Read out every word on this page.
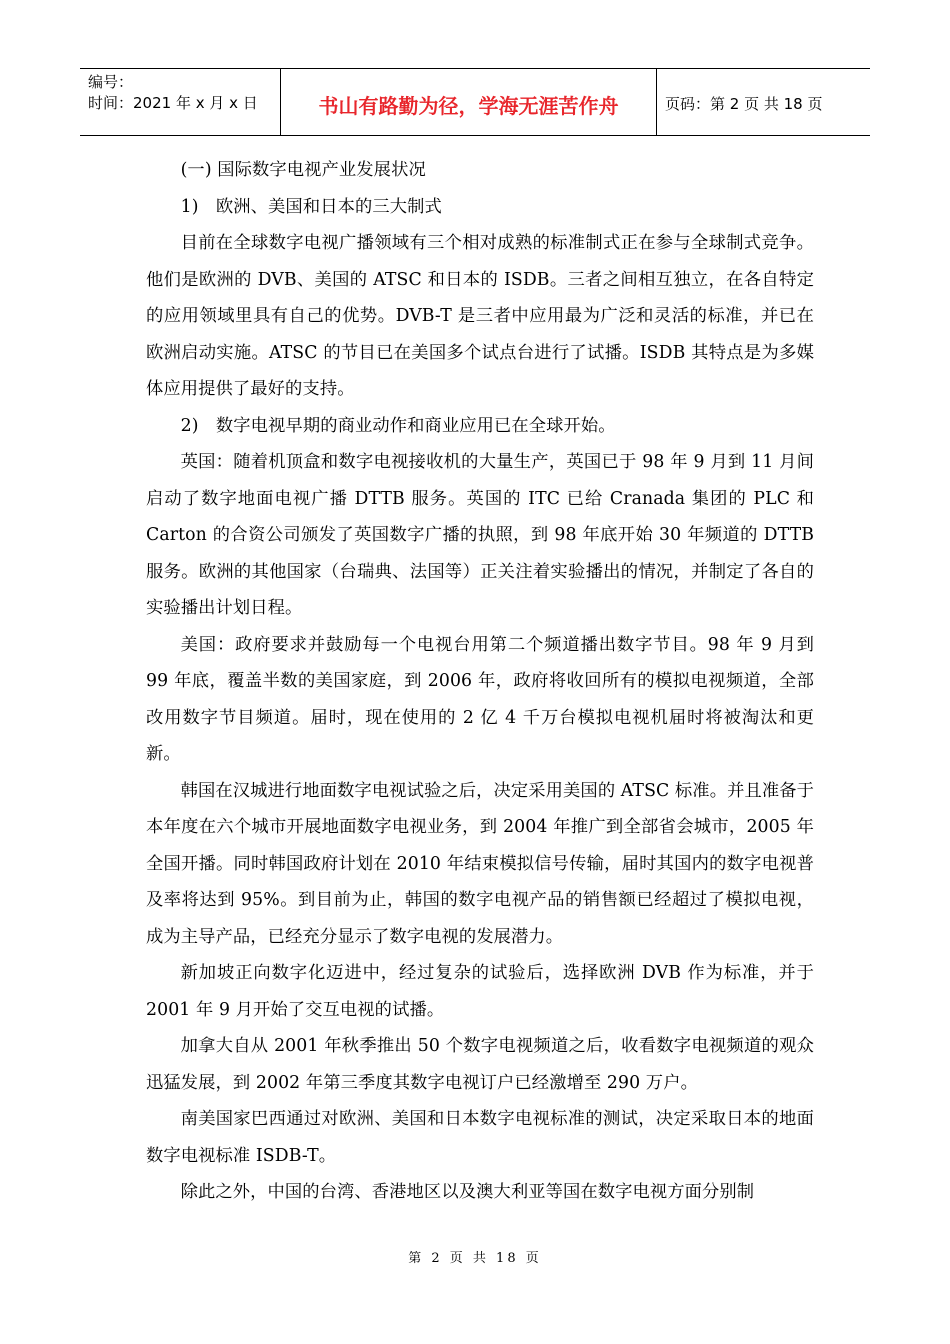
编号：
时间：2021 年 x 月 x 日	书山有路勤为径，学海无涯苦作舟	页码：第 2 页 共 18 页

(一) 国际数字电视产业发展状况

1)　欧洲、美国和日本的三大制式

目前在全球数字电视广播领域有三个相对成熟的标准制式正在参与全球制式竞争。他们是欧洲的 DVB、美国的 ATSC 和日本的 ISDB。三者之间相互独立，在各自特定的应用领域里具有自己的优势。DVB-T 是三者中应用最为广泛和灵活的标准，并已在欧洲启动实施。ATSC 的节目已在美国多个试点台进行了试播。ISDB 其特点是为多媒体应用提供了最好的支持。

2)　数字电视早期的商业动作和商业应用已在全球开始。

英国：随着机顶盒和数字电视接收机的大量生产，英国已于 98 年 9 月到 11 月间启动了数字地面电视广播 DTTB 服务。英国的 ITC 已给 Cranada 集团的 PLC 和 Carton 的合资公司颁发了英国数字广播的执照，到 98 年底开始 30 年频道的 DTTB 服务。欧洲的其他国家（台瑞典、法国等）正关注着实验播出的情况，并制定了各自的实验播出计划日程。

美国：政府要求并鼓励每一个电视台用第二个频道播出数字节目。98 年 9 月到 99 年底，覆盖半数的美国家庭，到 2006 年，政府将收回所有的模拟电视频道，全部改用数字节目频道。届时，现在使用的 2 亿 4 千万台模拟电视机届时将被淘汰和更新。

韩国在汉城进行地面数字电视试验之后，决定采用美国的 ATSC 标准。并且准备于本年度在六个城市开展地面数字电视业务，到 2004 年推广到全部省会城市，2005 年全国开播。同时韩国政府计划在 2010 年结束模拟信号传输，届时其国内的数字电视普及率将达到 95%。到目前为止，韩国的数字电视产品的销售额已经超过了模拟电视，成为主导产品，已经充分显示了数字电视的发展潜力。

新加坡正向数字化迈进中，经过复杂的试验后，选择欧洲 DVB 作为标准，并于 2001 年 9 月开始了交互电视的试播。

加拿大自从 2001 年秋季推出 50 个数字电视频道之后，收看数字电视频道的观众迅猛发展，到 2002 年第三季度其数字电视订户已经激增至 290 万户。

南美国家巴西通过对欧洲、美国和日本数字电视标准的测试，决定采取日本的地面数字电视标准 ISDB-T。

除此之外，中国的台湾、香港地区以及澳大利亚等国在数字电视方面分别制

第 2 页 共 18 页
